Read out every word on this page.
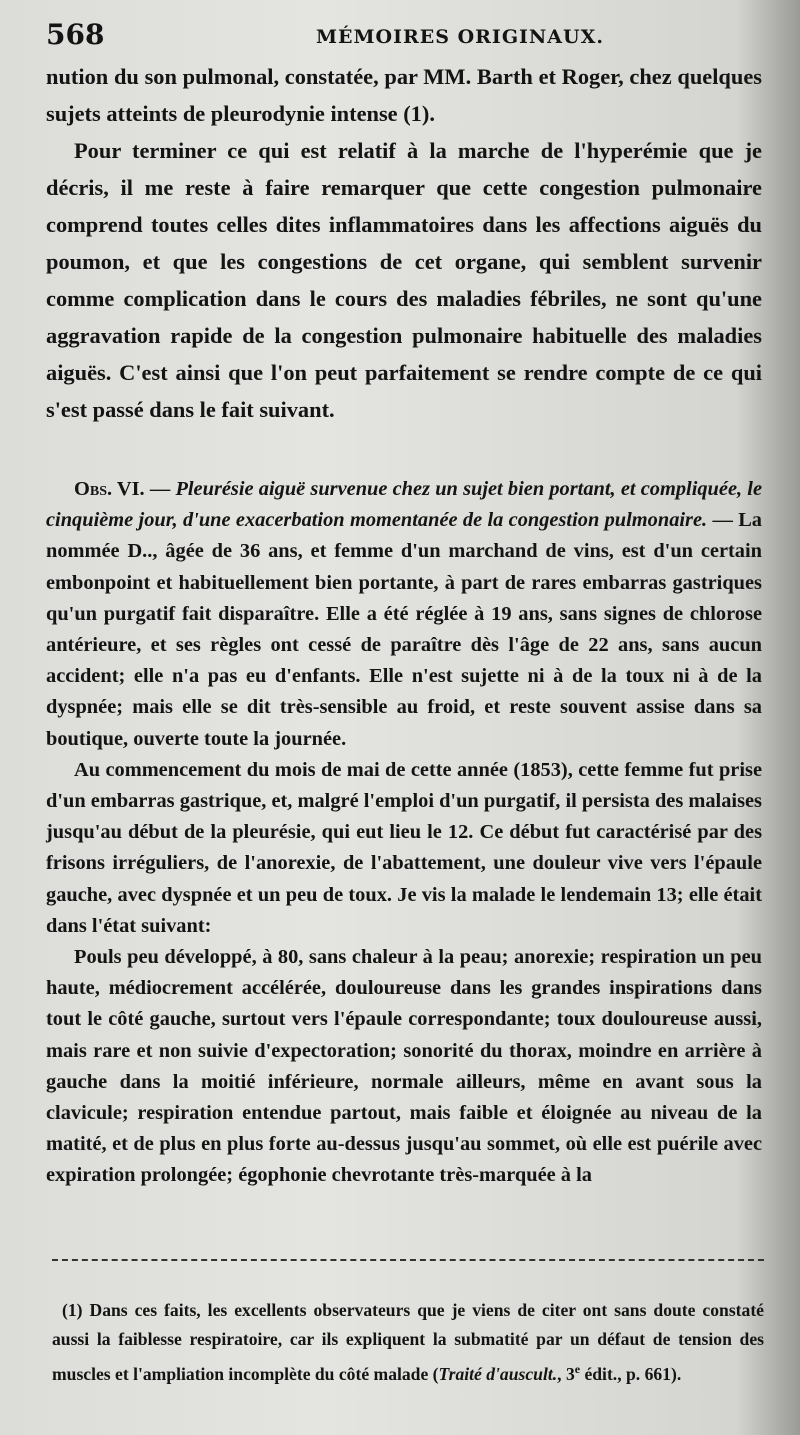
568	MÉMOIRES ORIGINAUX.

nution du son pulmonal, constatée, par MM. Barth et Roger, chez quelques sujets atteints de pleurodynie intense (1).

Pour terminer ce qui est relatif à la marche de l'hyperémie que je décris, il me reste à faire remarquer que cette congestion pulmonaire comprend toutes celles dites inflammatoires dans les affections aiguës du poumon, et que les congestions de cet organe, qui semblent survenir comme complication dans le cours des maladies fébriles, ne sont qu'une aggravation rapide de la congestion pulmonaire habituelle des maladies aiguës. C'est ainsi que l'on peut parfaitement se rendre compte de ce qui s'est passé dans le fait suivant.

Obs. VI. — Pleurésie aiguë survenue chez un sujet bien portant, et compliquée, le cinquième jour, d'une exacerbation momentanée de la congestion pulmonaire. — La nommée D.., âgée de 36 ans, et femme d'un marchand de vins, est d'un certain embonpoint et habituellement bien portante, à part de rares embarras gastriques qu'un purgatif fait disparaître. Elle a été réglée à 19 ans, sans signes de chlorose antérieure, et ses règles ont cessé de paraître dès l'âge de 22 ans, sans aucun accident; elle n'a pas eu d'enfants. Elle n'est sujette ni à de la toux ni à de la dyspnée; mais elle se dit très-sensible au froid, et reste souvent assise dans sa boutique, ouverte toute la journée.

Au commencement du mois de mai de cette année (1853), cette femme fut prise d'un embarras gastrique, et, malgré l'emploi d'un purgatif, il persista des malaises jusqu'au début de la pleurésie, qui eut lieu le 12. Ce début fut caractérisé par des frisons irréguliers, de l'anorexie, de l'abattement, une douleur vive vers l'épaule gauche, avec dyspnée et un peu de toux. Je vis la malade le lendemain 13; elle était dans l'état suivant:

Pouls peu développé, à 80, sans chaleur à la peau; anorexie; respiration un peu haute, médiocrement accélérée, douloureuse dans les grandes inspirations dans tout le côté gauche, surtout vers l'épaule correspondante; toux douloureuse aussi, mais rare et non suivie d'expectoration; sonorité du thorax, moindre en arrière à gauche dans la moitié inférieure, normale ailleurs, même en avant sous la clavicule; respiration entendue partout, mais faible et éloignée au niveau de la matité, et de plus en plus forte au-dessus jusqu'au sommet, où elle est puérile avec expiration prolongée; égophonie chevrotante très-marquée à la

(1) Dans ces faits, les excellents observateurs que je viens de citer ont sans doute constaté aussi la faiblesse respiratoire, car ils expliquent la submatité par un défaut de tension des muscles et l'ampliation incomplète du côté malade (Traité d'auscult., 3e édit., p. 661).
